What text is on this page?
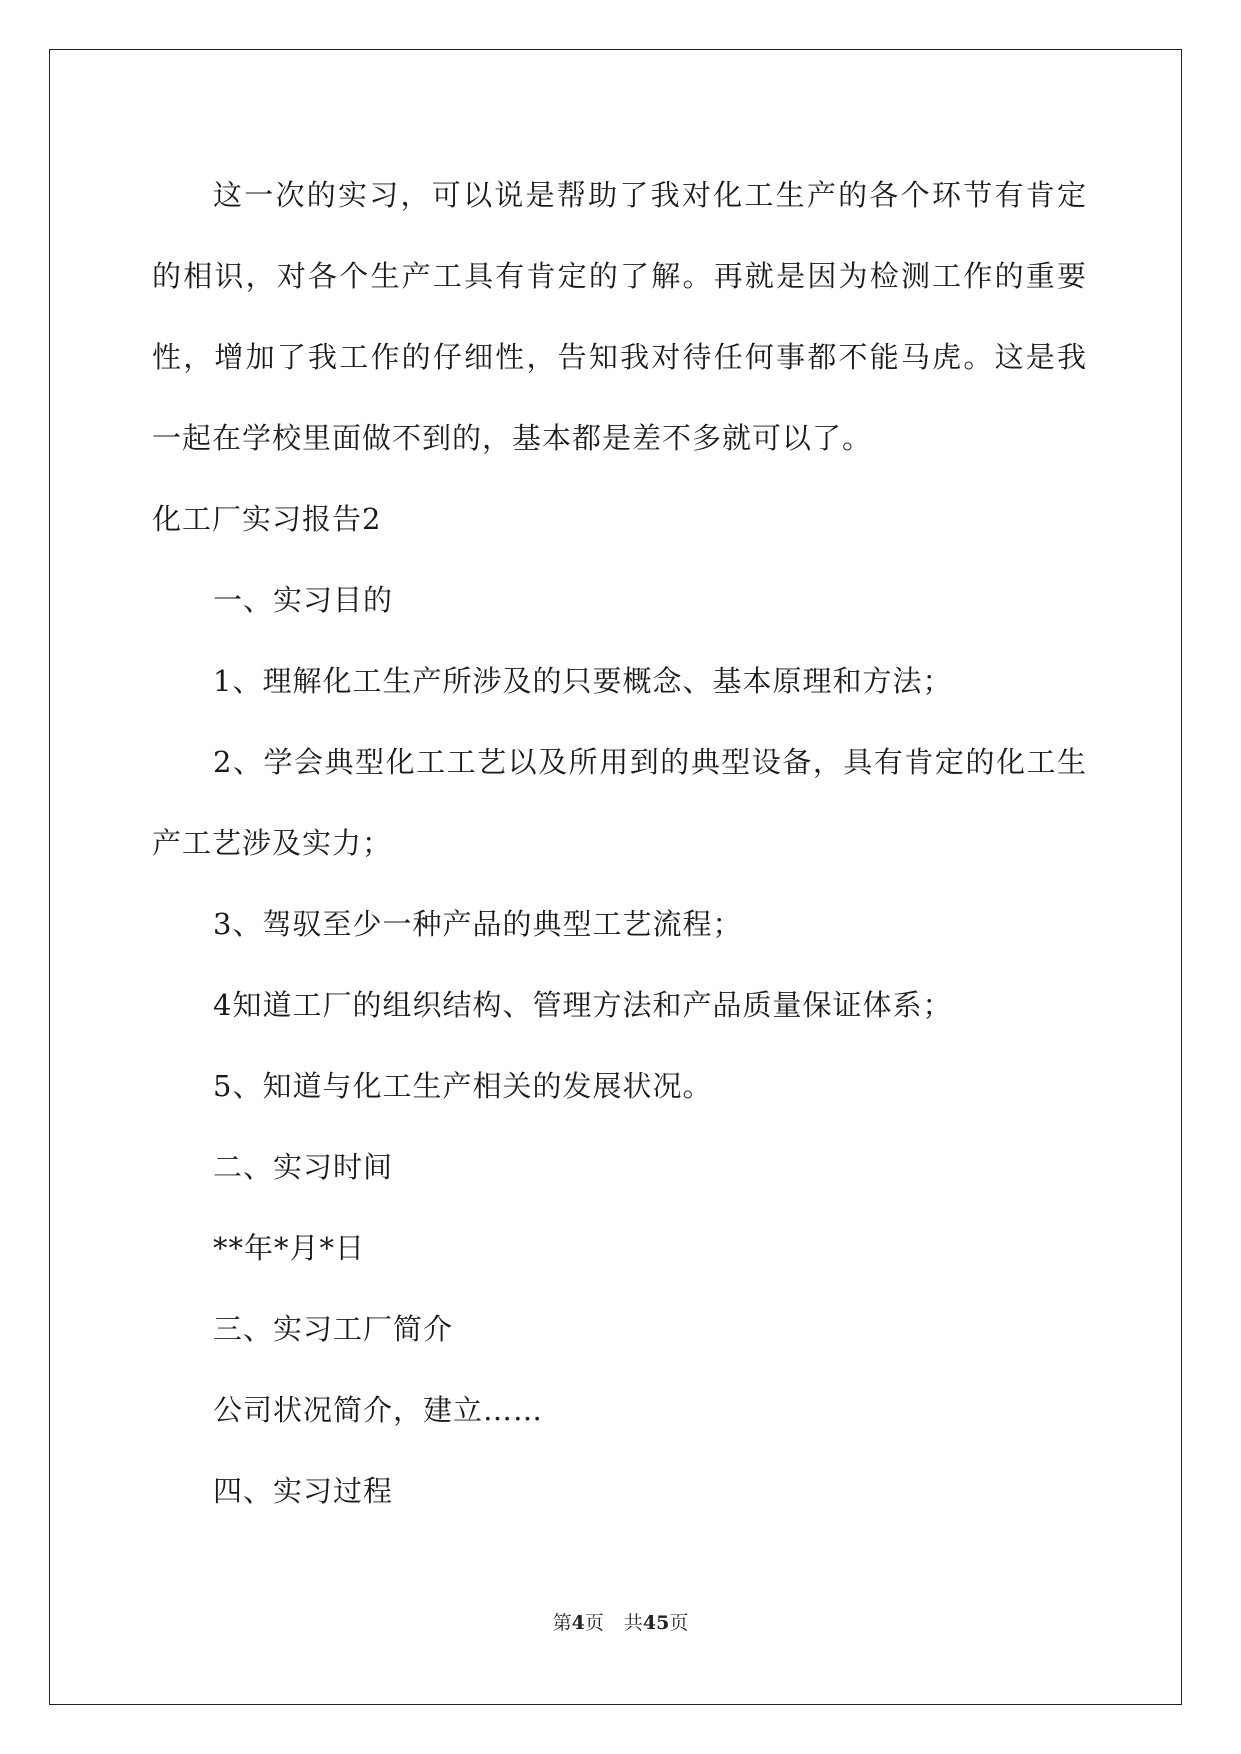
这一次的实习，可以说是帮助了我对化工生产的各个环节有肯定
的相识，对各个生产工具有肯定的了解。再就是因为检测工作的重要
性，增加了我工作的仔细性，告知我对待任何事都不能马虎。这是我
一起在学校里面做不到的，基本都是差不多就可以了。
化工厂实习报告2
一、实习目的
1、理解化工生产所涉及的只要概念、基本原理和方法；
2、学会典型化工工艺以及所用到的典型设备，具有肯定的化工生
产工艺涉及实力；
3、驾驭至少一种产品的典型工艺流程；
4知道工厂的组织结构、管理方法和产品质量保证体系；
5、知道与化工生产相关的发展状况。
二、实习时间
**年*月*日
三、实习工厂简介
公司状况简介，建立……
四、实习过程
第4页 共45页
